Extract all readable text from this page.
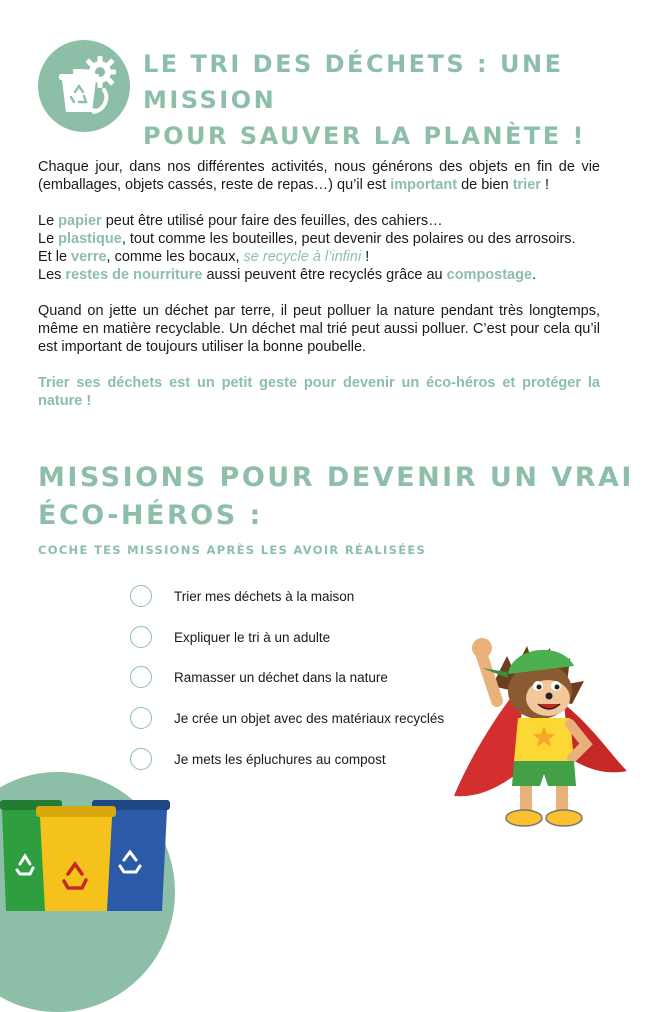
LE TRI DES DÉCHETS : UNE MISSION
POUR SAUVER LA PLANÈTE !

Chaque jour, dans nos différentes activités, nous générons des objets en fin de vie (emballages, objets cassés, reste de repas…) qu’il est important de bien trier !

Le papier peut être utilisé pour faire des feuilles, des cahiers…

Le plastique, tout comme les bouteilles, peut devenir des polaires ou des arrosoirs.

Et le verre, comme les bocaux, se recycle à l’infini !

Les restes de nourriture aussi peuvent être recyclés grâce au compostage.

Quand on jette un déchet par terre, il peut polluer la nature pendant très longtemps, même en matière recyclable. Un déchet mal trié peut aussi polluer. C’est pour cela qu’il est important de toujours utiliser la bonne poubelle.

Trier ses déchets est un petit geste pour devenir un éco-héros et protéger la nature !

MISSIONS POUR DEVENIR UN VRAI
ÉCO-HÉROS :
COCHE TES MISSIONS APRÈS LES AVOIR RÉALISÉES
Trier mes déchets à la maison
Expliquer le tri à un adulte
Ramasser un déchet dans la nature
Je crée un objet avec des matériaux recyclés
Je mets les épluchures au compost
